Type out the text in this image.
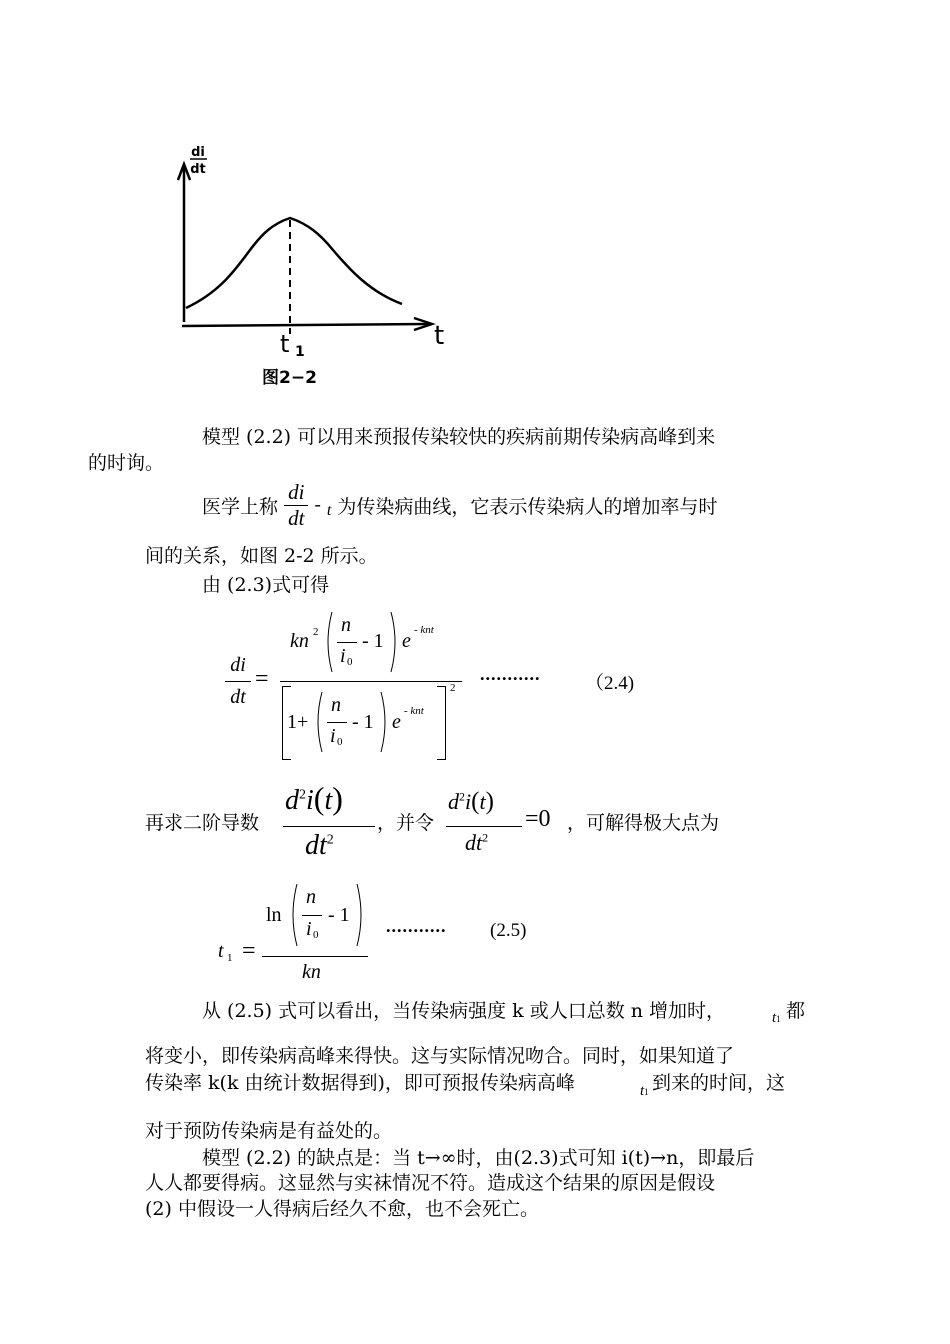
di
dt
t
t 1
图2−2

模型 (2.2) 可以用来预报传染较快的疾病前期传染病高峰到来
的时询。

医学上称 $\frac{di}{dt} - _t$ 为传染病曲线，它表示传染病人的增加率与时
间的关系，如图 2-2 所示。
由 (2.3)式可得
di
dt
=
kn 2 n
i 0
- 1 e - knt
1+
n
i 0
- 1 e - knt
2
........... （2.4)
再求二阶导数
$d^2i(t)$
$dt^2$
，并令
$d^2i(t)$
$dt^2$
=0 ，可解得极大点为
t 1 =
ln
n
i 0
- 1
kn
........... (2.5)
从 (2.5) 式可以看出，当传染病强度 k 或人口总数 n 增加时，	t1 都
将变小，即传染病高峰来得快。这与实际情况吻合。同时，如果知道了
传染率 k(k 由统计数据得到)，即可预报传染病高峰	t1 到来的时间，这
对于预防传染病是有益处的。
模型 (2.2) 的缺点是：当 t→∞时，由(2.3)式可知 i(t)→n，即最后
人人都要得病。这显然与实袜情况不符。造成这个结果的原因是假设
(2) 中假设一人得病后经久不愈，也不会死亡。
